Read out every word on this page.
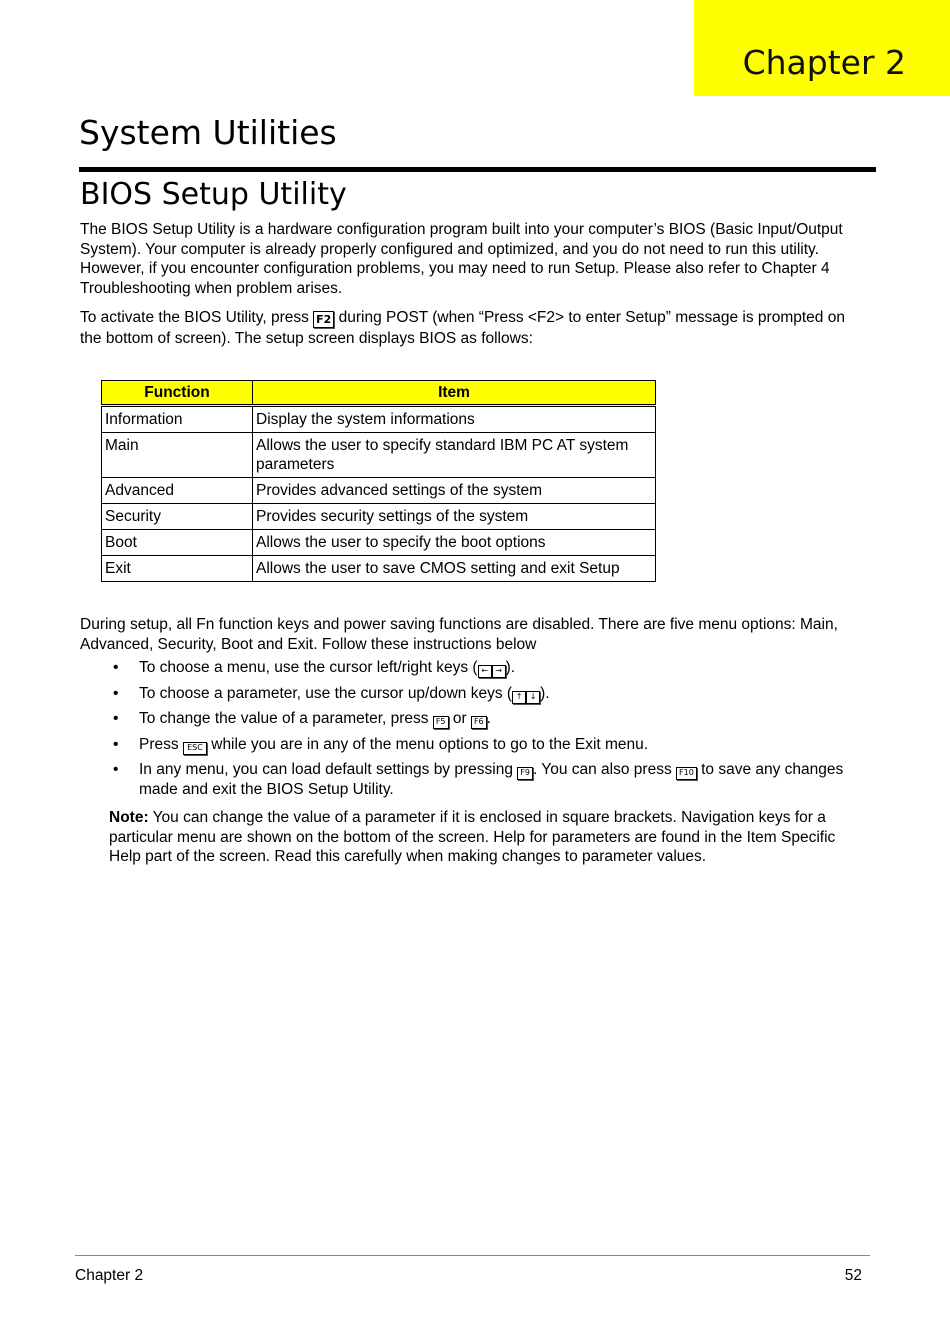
Chapter 2
System Utilities
BIOS Setup Utility

The BIOS Setup Utility is a hardware configuration program built into your computer’s BIOS (Basic Input/Output System). Your computer is already properly configured and optimized, and you do not need to run this utility. However, if you encounter configuration problems, you may need to run Setup. Please also refer to Chapter 4 Troubleshooting when problem arises.

To activate the BIOS Utility, press F2 during POST (when “Press <F2> to enter Setup” message is prompted on the bottom of screen). The setup screen displays BIOS as follows:

Function	Item
Information	Display the system informations
Main	Allows the user to specify standard IBM PC AT system parameters
Advanced	Provides advanced settings of the system
Security	Provides security settings of the system
Boot	Allows the user to specify the boot options
Exit	Allows the user to save CMOS setting and exit Setup

During setup, all Fn function keys and power saving functions are disabled. There are five menu options: Main, Advanced, Security, Boot and Exit. Follow these instructions below

• To choose a menu, use the cursor left/right keys ( ← → ).
• To choose a parameter, use the cursor up/down keys ( ↑ ↓ ).
• To change the value of a parameter, press F5 or F6 .
• Press ESC while you are in any of the menu options to go to the Exit menu.
• In any menu, you can load default settings by pressing F9 . You can also press F10 to save any changes made and exit the BIOS Setup Utility.

Note: You can change the value of a parameter if it is enclosed in square brackets. Navigation keys for a particular menu are shown on the bottom of the screen. Help for parameters are found in the Item Specific Help part of the screen. Read this carefully when making changes to parameter values.

Chapter 2	52
